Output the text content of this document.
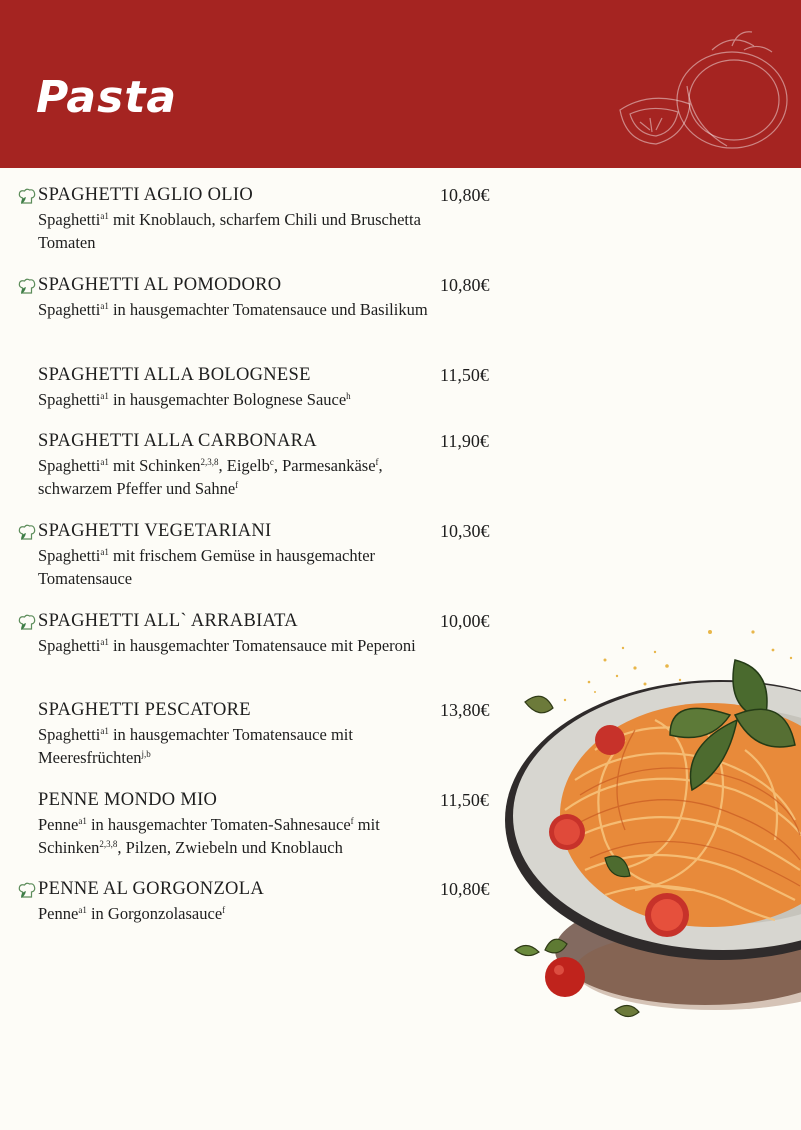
Pasta
SPAGHETTI AGLIO OLIO	10,80€

Spaghetti$^{a1}$ mit Knoblauch, scharfem Chili und Bruschetta Tomaten

SPAGHETTI AL POMODORO	10,80€

Spaghetti$^{a1}$ in hausgemachter Tomatensauce und Basilikum

SPAGHETTI ALLA BOLOGNESE	11,50€

Spaghetti$^{a1}$ in hausgemachter Bolognese Sauce$^h$

SPAGHETTI ALLA CARBONARA	11,90€

Spaghetti$^{a1}$ mit Schinken$^{2,3,8}$, Eigelb$^c$, Parmesankäse$^f$, schwarzem Pfeffer und Sahne$^f$

SPAGHETTI VEGETARIANI	10,30€

Spaghetti$^{a1}$ mit frischem Gemüse in hausgemachter Tomatensauce

SPAGHETTI ALL` ARRABIATA	10,00€

Spaghetti$^{a1}$ in hausgemachter Tomatensauce mit Peperoni

SPAGHETTI PESCATORE	13,80€

Spaghetti$^{a1}$ in hausgemachter Tomatensauce mit Meeresfrüchten$^{j,b}$

PENNE MONDO MIO	11,50€

Penne$^{a1}$ in hausgemachter Tomaten-Sahnesauce$^f$ mit Schinken$^{2,3,8}$, Pilzen, Zwiebeln und Knoblauch

PENNE AL GORGONZOLA	10,80€

Penne$^{a1}$ in Gorgonzolasauce$^f$
